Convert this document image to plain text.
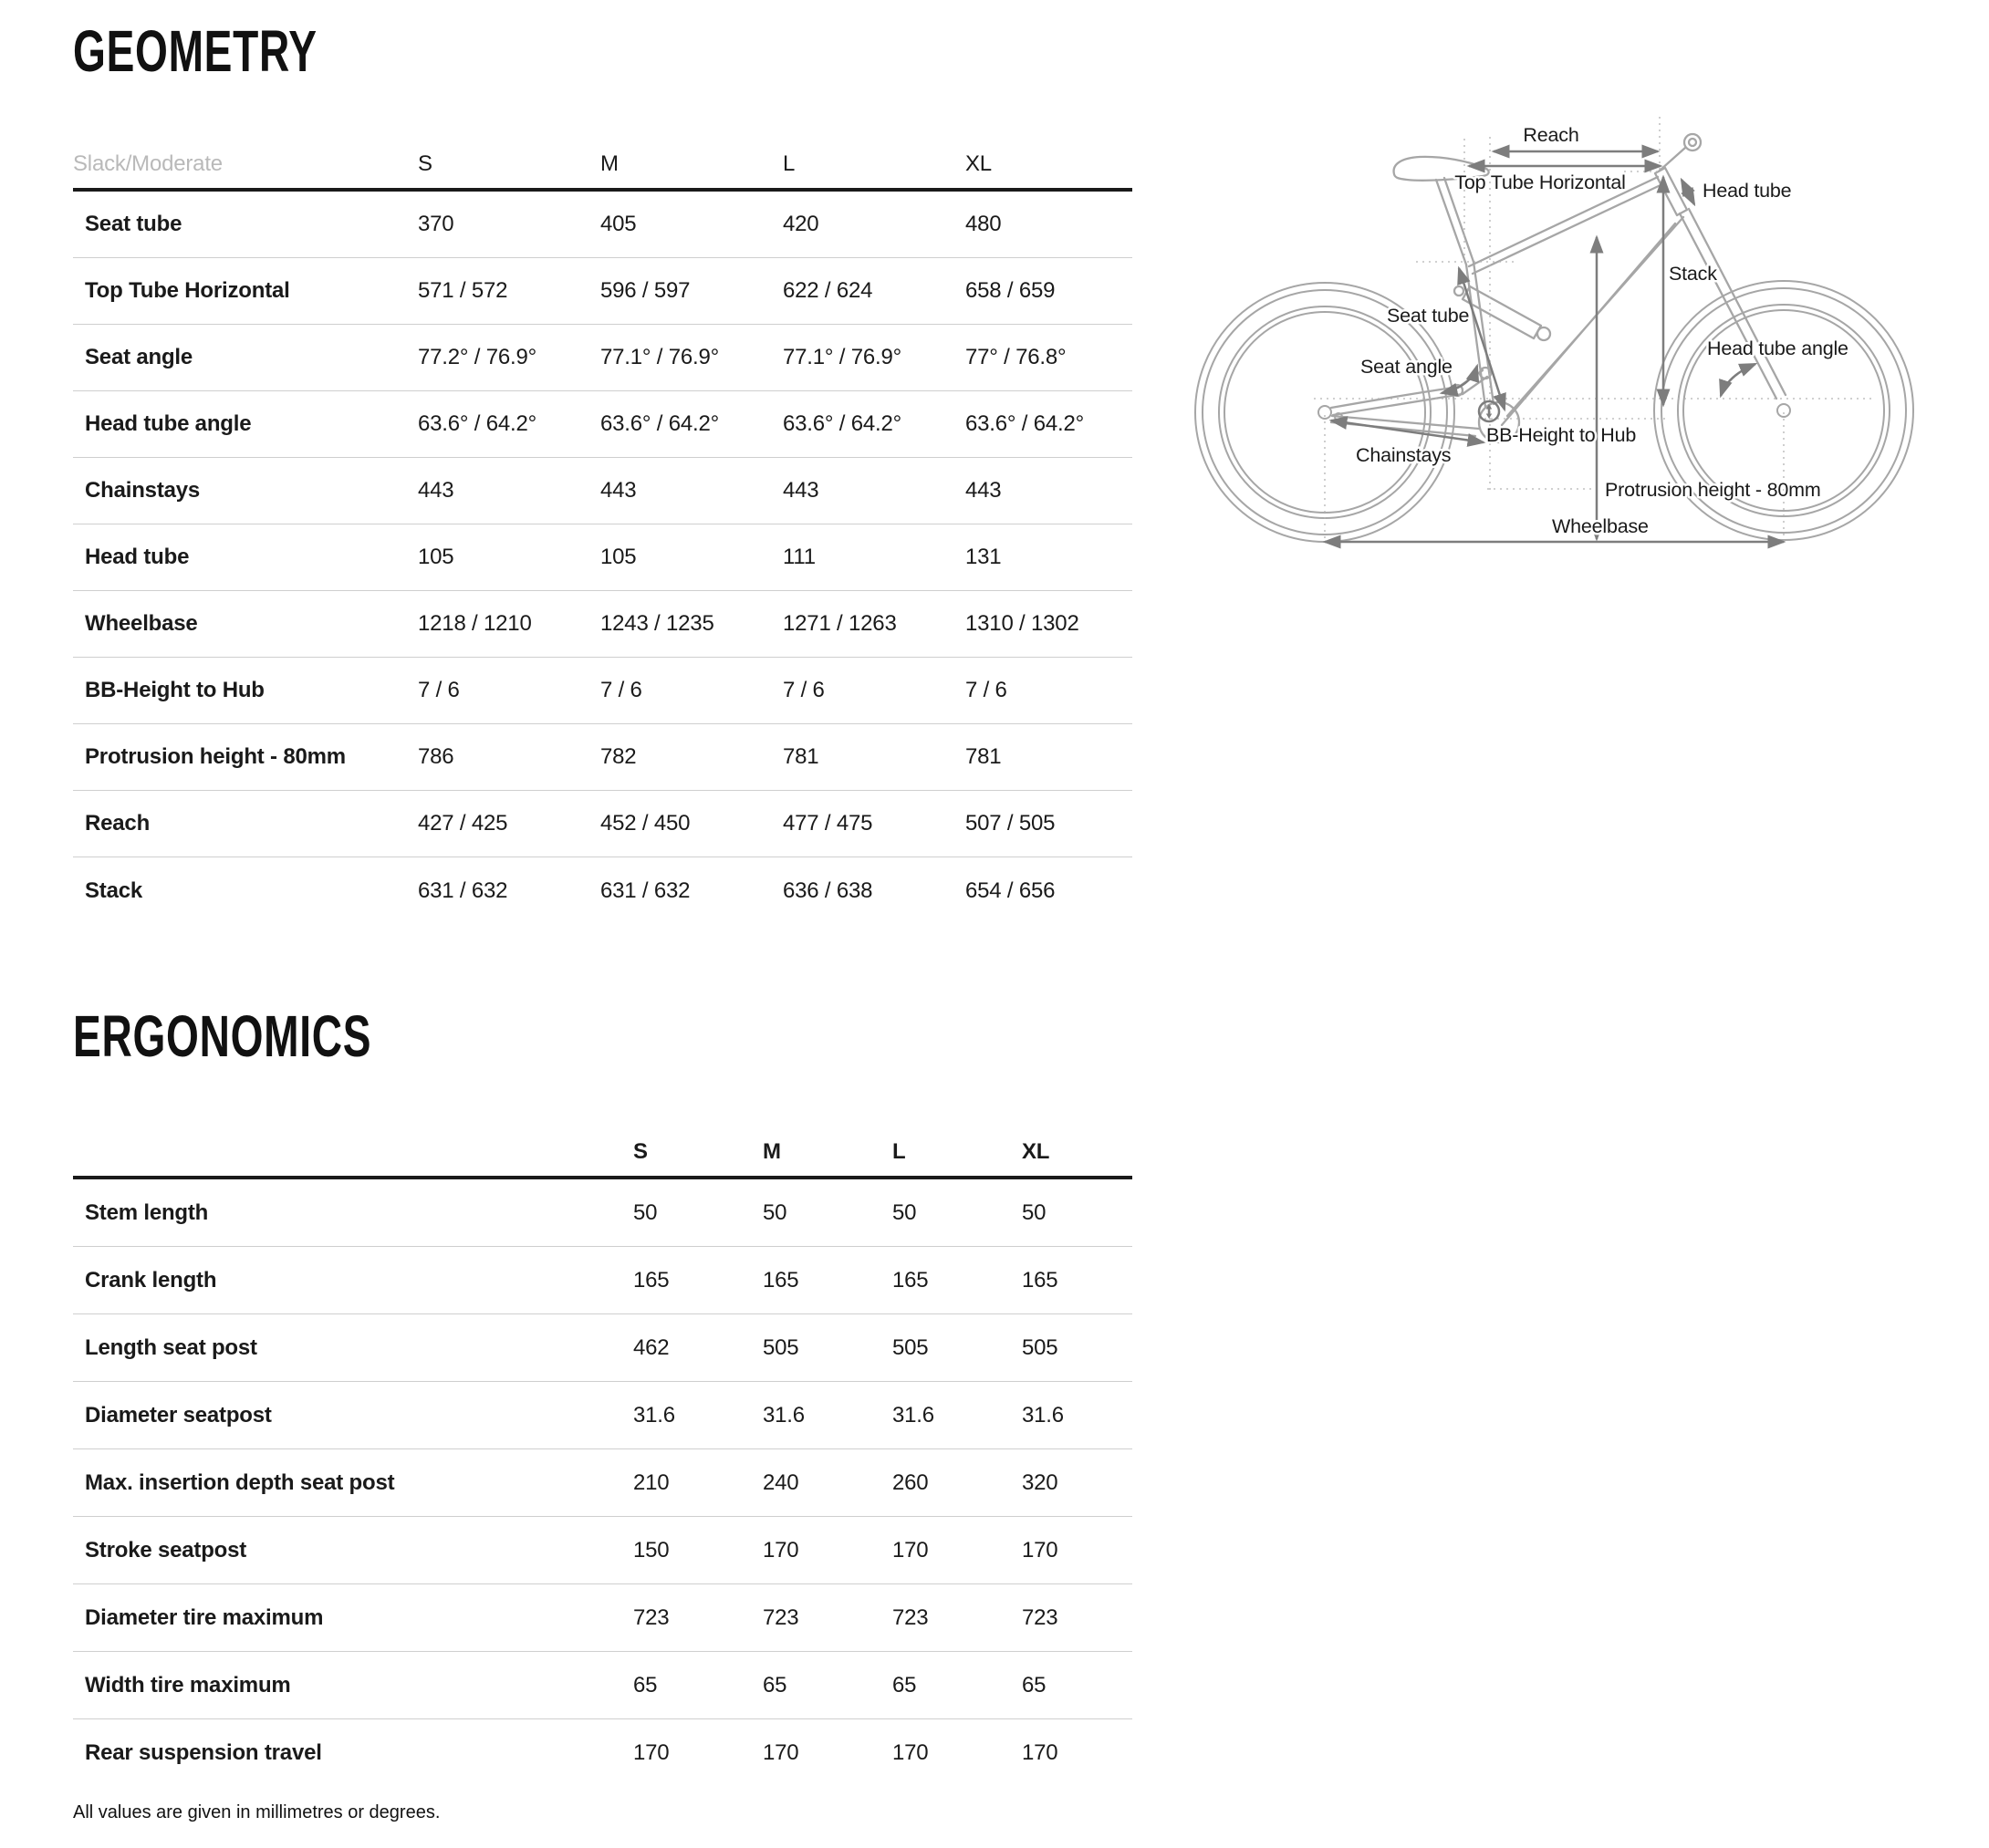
GEOMETRY
Slack/Moderate	S	M	L	XL
Seat tube	370	405	420	480
Top Tube Horizontal	571 / 572	596 / 597	622 / 624	658 / 659
Seat angle	77.2° / 76.9°	77.1° / 76.9°	77.1° / 76.9°	77° / 76.8°
Head tube angle	63.6° / 64.2°	63.6° / 64.2°	63.6° / 64.2°	63.6° / 64.2°
Chainstays	443	443	443	443
Head tube	105	105	111	131
Wheelbase	1218 / 1210	1243 / 1235	1271 / 1263	1310 / 1302
BB-Height to Hub	7 / 6	7 / 6	7 / 6	7 / 6
Protrusion height - 80mm	786	782	781	781
Reach	427 / 425	452 / 450	477 / 475	507 / 505
Stack	631 / 632	631 / 632	636 / 638	654 / 656
ERGONOMICS
S	M	L	XL
Stem length	50	50	50	50
Crank length	165	165	165	165
Length seat post	462	505	505	505
Diameter seatpost	31.6	31.6	31.6	31.6
Max. insertion depth seat post	210	240	260	320
Stroke seatpost	150	170	170	170
Diameter tire maximum	723	723	723	723
Width tire maximum	65	65	65	65
Rear suspension travel	170	170	170	170
All values are given in millimetres or degrees.
Reach
Top Tube Horizontal	Head tube
Stack
Seat tube
Seat angle
Head tube angle
BB-Height to Hub
Chainstays
Protrusion height - 80mm
Wheelbase
